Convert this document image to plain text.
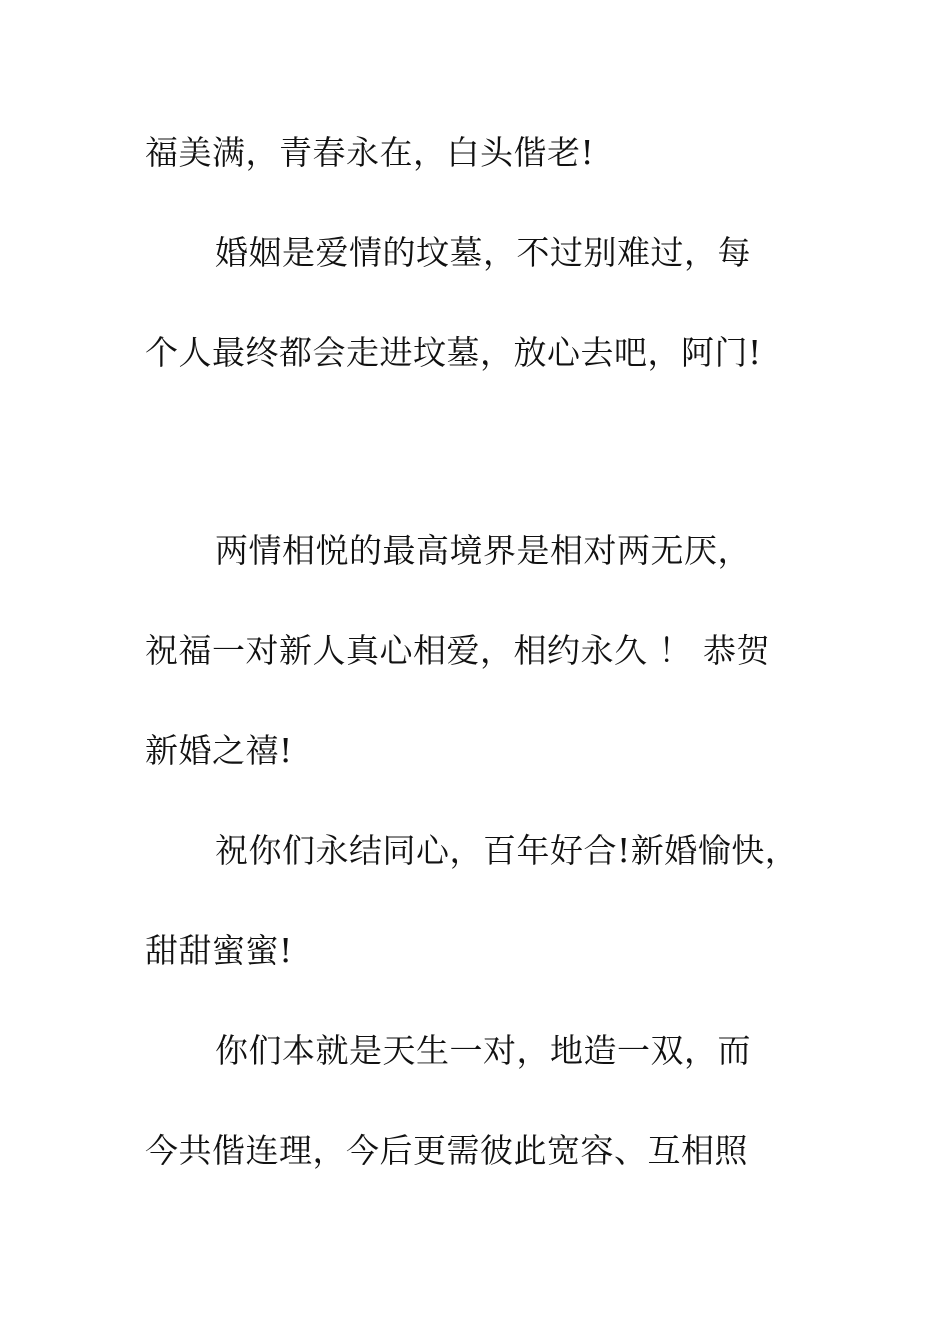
福美满，青春永在，白头偕老!
婚姻是爱情的坟墓，不过别难过，每
个人最终都会走进坟墓，放心去吧，阿门!
两情相悦的最高境界是相对两无厌，
祝福一对新人真心相爱，相约永久 ！ 恭贺
新婚之禧!
祝你们永结同心，百年好合!新婚愉快，
甜甜蜜蜜!
你们本就是天生一对，地造一双，而
今共偕连理，今后更需彼此宽容、互相照
